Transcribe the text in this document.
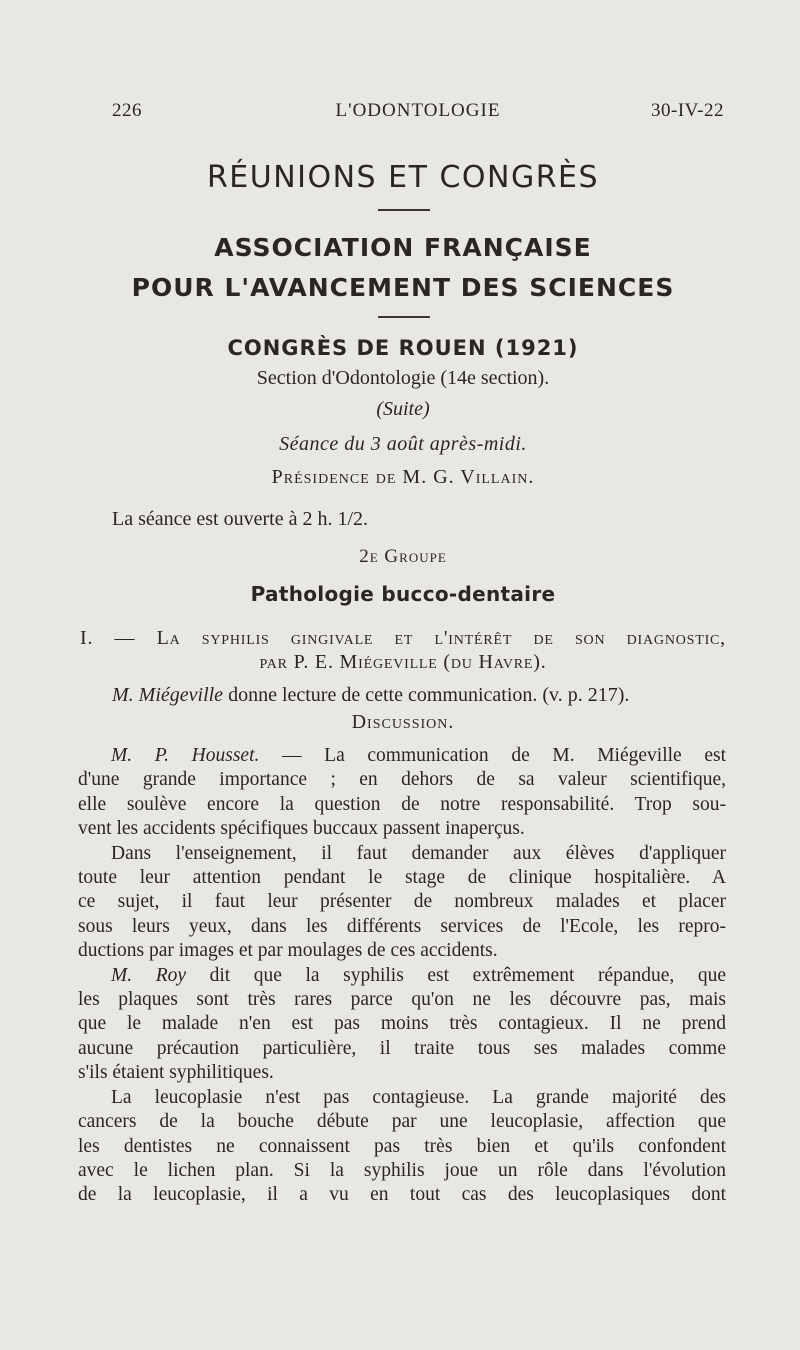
226	L'ODONTOLOGIE	30-IV-22
RÉUNIONS ET CONGRÈS
ASSOCIATION FRANÇAISE
POUR L'AVANCEMENT DES SCIENCES
CONGRÈS DE ROUEN (1921)
Section d'Odontologie (14e section).
(Suite)
Séance du 3 août après-midi.
Présidence de M. G. Villain.
La séance est ouverte à 2 h. 1/2.
2e Groupe
Pathologie bucco-dentaire
I. — La syphilis gingivale et l'intérêt de son diagnostic,
par P. E. Miégeville (du Havre).
M. Miégeville donne lecture de cette communication. (v. p. 217).
Discussion.

M. P. Housset. — La communication de M. Miégeville est
d'une grande importance ; en dehors de sa valeur scientifique,
elle soulève encore la question de notre responsabilité. Trop sou-
vent les accidents spécifiques buccaux passent inaperçus.

Dans l'enseignement, il faut demander aux élèves d'appliquer
toute leur attention pendant le stage de clinique hospitalière. A
ce sujet, il faut leur présenter de nombreux malades et placer
sous leurs yeux, dans les différents services de l'Ecole, les repro-
ductions par images et par moulages de ces accidents.

M. Roy dit que la syphilis est extrêmement répandue, que
les plaques sont très rares parce qu'on ne les découvre pas, mais
que le malade n'en est pas moins très contagieux. Il ne prend
aucune précaution particulière, il traite tous ses malades comme
s'ils étaient syphilitiques.

La leucoplasie n'est pas contagieuse. La grande majorité des
cancers de la bouche débute par une leucoplasie, affection que
les dentistes ne connaissent pas très bien et qu'ils confondent
avec le lichen plan. Si la syphilis joue un rôle dans l'évolution
de la leucoplasie, il a vu en tout cas des leucoplasiques dont
